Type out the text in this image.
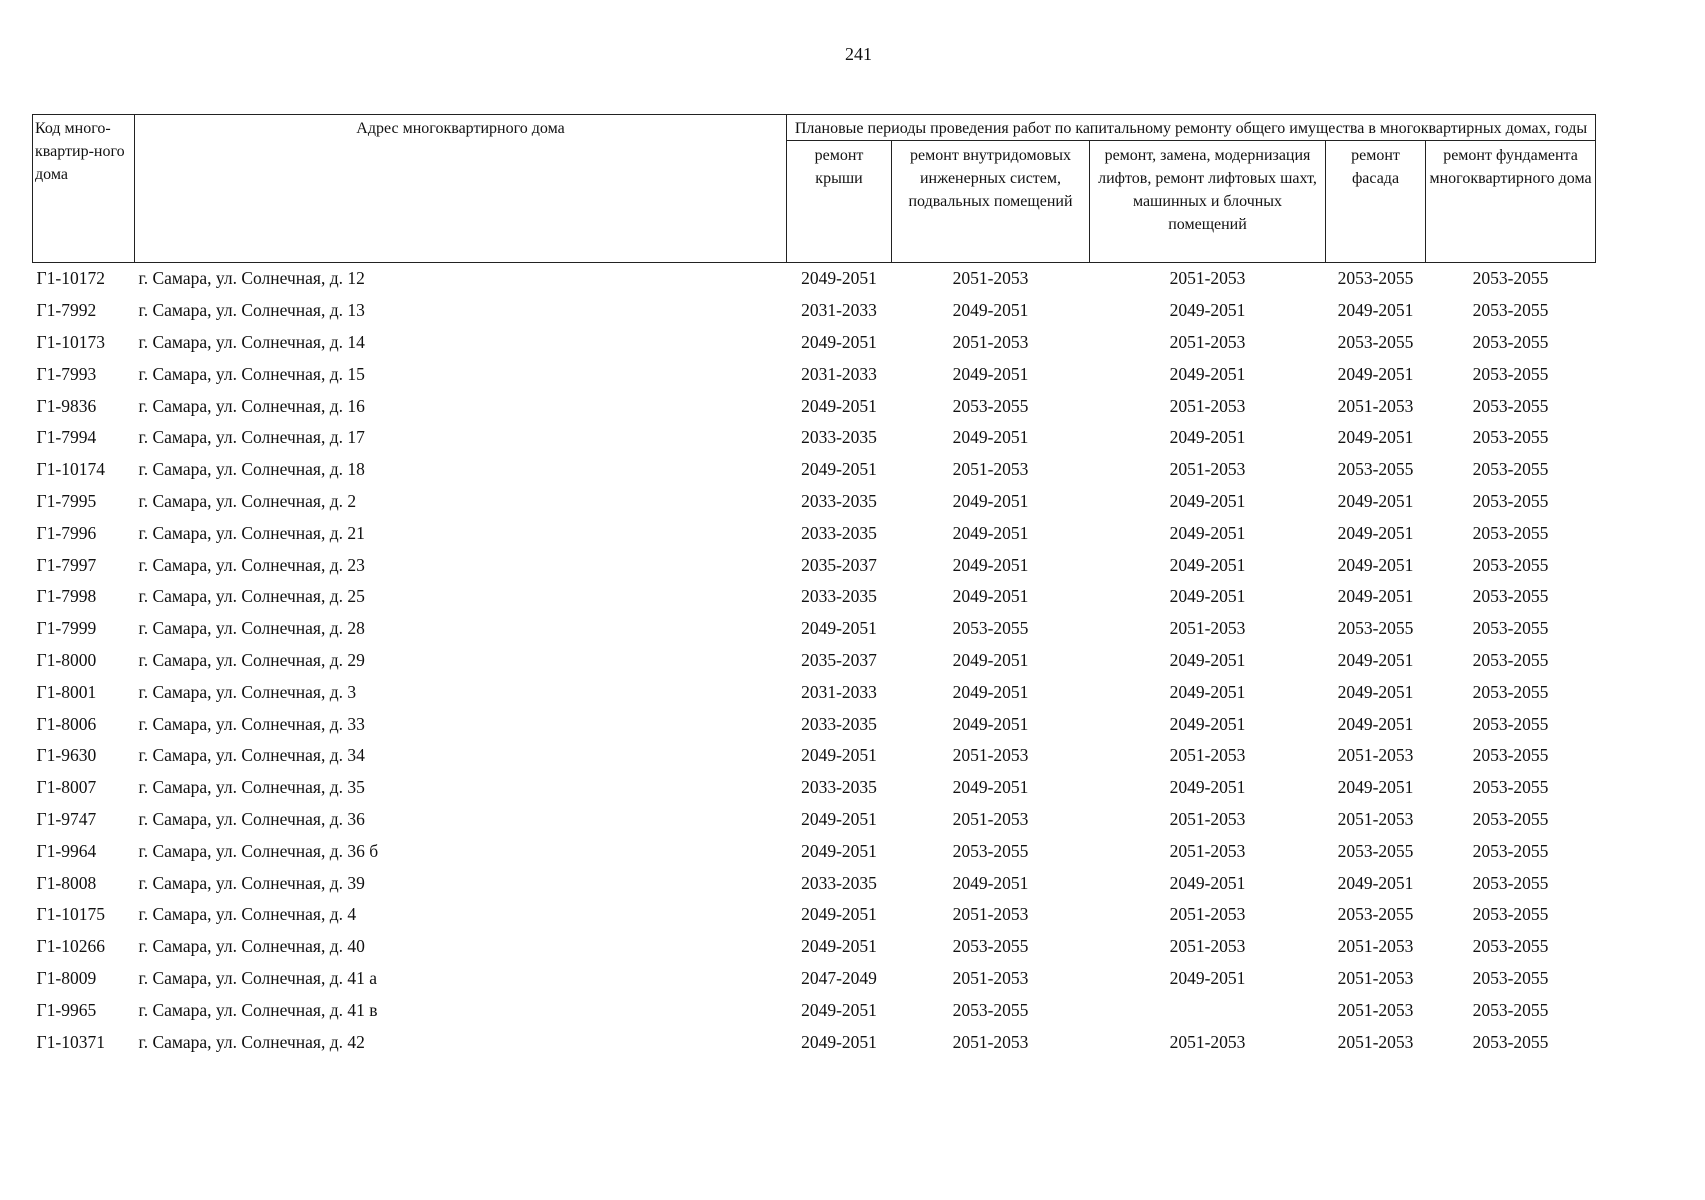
241
Код много-квартир-ного дома	Адрес многоквартирного дома	Плановые периоды проведения работ по капитальному ремонту общего имущества в многоквартирных домах, годы				
		ремонт крыши	ремонт внутридомовых инженерных систем, подвальных помещений	ремонт, замена, модернизация лифтов, ремонт лифтовых шахт, машинных и блочных помещений	ремонт фасада	ремонт фундамента многоквартирного дома
Г1-10172	г. Самара, ул. Солнечная, д. 12	2049-2051	2051-2053	2051-2053	2053-2055	2053-2055
Г1-7992	г. Самара, ул. Солнечная, д. 13	2031-2033	2049-2051	2049-2051	2049-2051	2053-2055
Г1-10173	г. Самара, ул. Солнечная, д. 14	2049-2051	2051-2053	2051-2053	2053-2055	2053-2055
Г1-7993	г. Самара, ул. Солнечная, д. 15	2031-2033	2049-2051	2049-2051	2049-2051	2053-2055
Г1-9836	г. Самара, ул. Солнечная, д. 16	2049-2051	2053-2055	2051-2053	2051-2053	2053-2055
Г1-7994	г. Самара, ул. Солнечная, д. 17	2033-2035	2049-2051	2049-2051	2049-2051	2053-2055
Г1-10174	г. Самара, ул. Солнечная, д. 18	2049-2051	2051-2053	2051-2053	2053-2055	2053-2055
Г1-7995	г. Самара, ул. Солнечная, д. 2	2033-2035	2049-2051	2049-2051	2049-2051	2053-2055
Г1-7996	г. Самара, ул. Солнечная, д. 21	2033-2035	2049-2051	2049-2051	2049-2051	2053-2055
Г1-7997	г. Самара, ул. Солнечная, д. 23	2035-2037	2049-2051	2049-2051	2049-2051	2053-2055
Г1-7998	г. Самара, ул. Солнечная, д. 25	2033-2035	2049-2051	2049-2051	2049-2051	2053-2055
Г1-7999	г. Самара, ул. Солнечная, д. 28	2049-2051	2053-2055	2051-2053	2053-2055	2053-2055
Г1-8000	г. Самара, ул. Солнечная, д. 29	2035-2037	2049-2051	2049-2051	2049-2051	2053-2055
Г1-8001	г. Самара, ул. Солнечная, д. 3	2031-2033	2049-2051	2049-2051	2049-2051	2053-2055
Г1-8006	г. Самара, ул. Солнечная, д. 33	2033-2035	2049-2051	2049-2051	2049-2051	2053-2055
Г1-9630	г. Самара, ул. Солнечная, д. 34	2049-2051	2051-2053	2051-2053	2051-2053	2053-2055
Г1-8007	г. Самара, ул. Солнечная, д. 35	2033-2035	2049-2051	2049-2051	2049-2051	2053-2055
Г1-9747	г. Самара, ул. Солнечная, д. 36	2049-2051	2051-2053	2051-2053	2051-2053	2053-2055
Г1-9964	г. Самара, ул. Солнечная, д. 36 б	2049-2051	2053-2055	2051-2053	2053-2055	2053-2055
Г1-8008	г. Самара, ул. Солнечная, д. 39	2033-2035	2049-2051	2049-2051	2049-2051	2053-2055
Г1-10175	г. Самара, ул. Солнечная, д. 4	2049-2051	2051-2053	2051-2053	2053-2055	2053-2055
Г1-10266	г. Самара, ул. Солнечная, д. 40	2049-2051	2053-2055	2051-2053	2051-2053	2053-2055
Г1-8009	г. Самара, ул. Солнечная, д. 41 а	2047-2049	2051-2053	2049-2051	2051-2053	2053-2055
Г1-9965	г. Самара, ул. Солнечная, д. 41 в	2049-2051	2053-2055		2051-2053	2053-2055
Г1-10371	г. Самара, ул. Солнечная, д. 42	2049-2051	2051-2053	2051-2053	2051-2053	2053-2055
